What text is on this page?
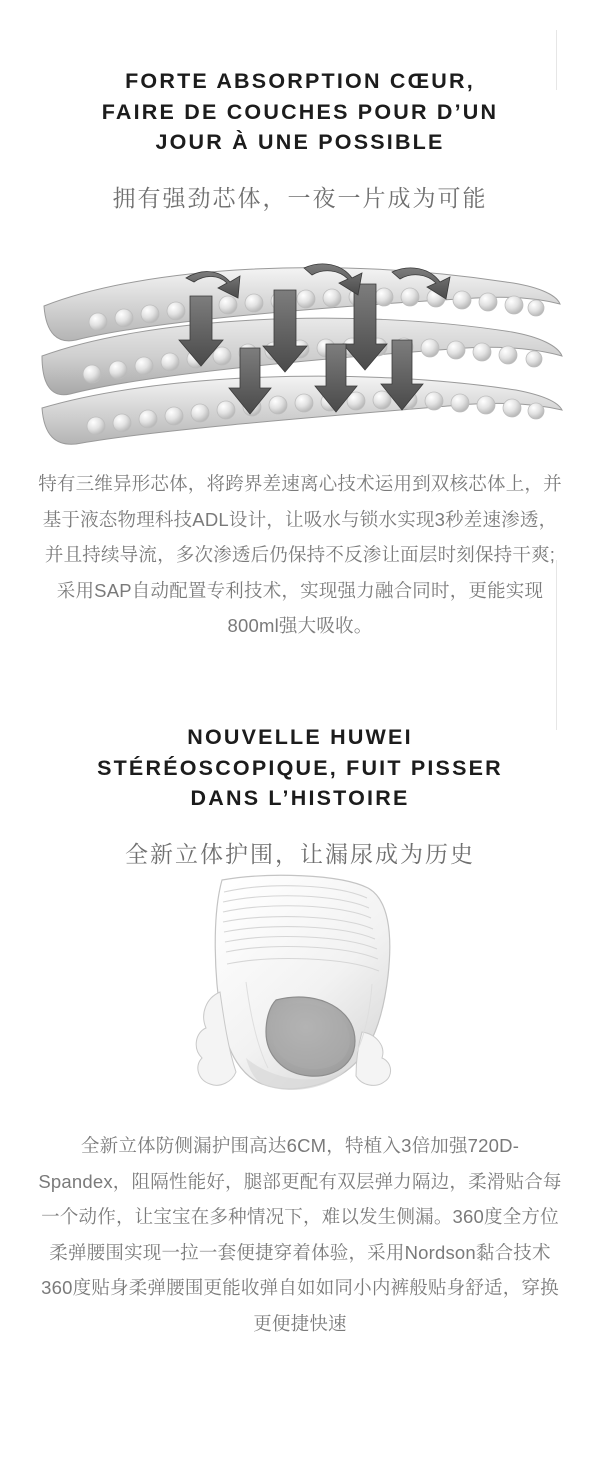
FORTE ABSORPTION CŒUR,
FAIRE DE COUCHES POUR D’UN
JOUR À UNE POSSIBLE
拥有强劲芯体，一夜一片成为可能
特有三维异形芯体，将跨界差速离心技术运用到双核芯体上，并基于液态物理科技ADL设计，让吸水与锁水实现3秒差速渗透，并且持续导流，多次渗透后仍保持不反渗让面层时刻保持干爽;采用SAP自动配置专利技术，实现强力融合同时，更能实现800ml强大吸收。
NOUVELLE HUWEI
STÉRÉOSCOPIQUE, FUIT PISSER
DANS L’HISTOIRE
全新立体护围，让漏尿成为历史
全新立体防侧漏护围高达6CM，特植入3倍加强720D-Spandex，阻隔性能好，腿部更配有双层弹力隔边，柔滑贴合每一个动作，让宝宝在多种情况下，难以发生侧漏。360度全方位柔弹腰围实现一拉一套便捷穿着体验，采用Nordson黏合技术360度贴身柔弹腰围更能收弹自如如同小内裤般贴身舒适，穿换更便捷快速
